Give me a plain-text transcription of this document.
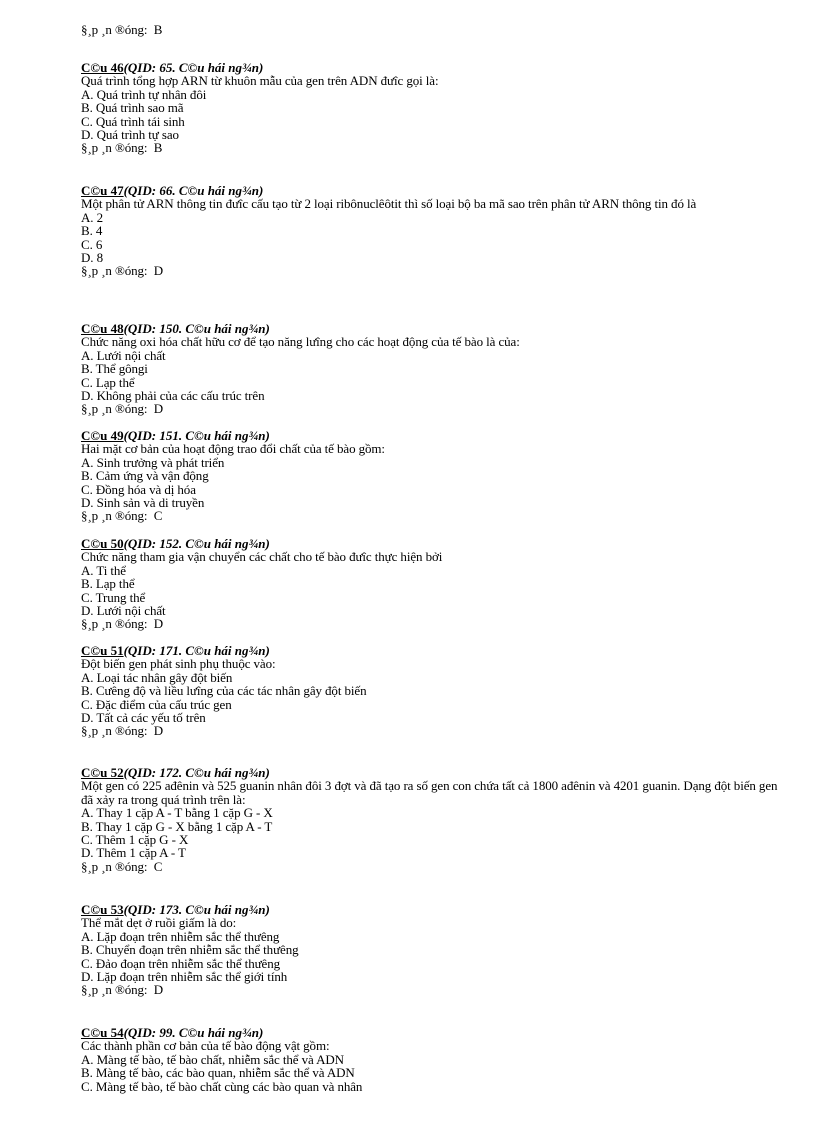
§¸p ¸n ®óng:  B
C©u 46(QID: 65. C©u hái ng¾n)
Quá trình tổng hợp ARN từ khuôn mẫu của gen trên ADN đưîc gọi là:
A. Quá trình tự nhân đôi
B. Quá trình sao mã
C. Quá trình tái sinh
D. Quá trình tự sao
§¸p ¸n ®óng:  B
C©u 47(QID: 66. C©u hái ng¾n)
Một phân tử ARN thông tin đưîc cấu tạo từ 2 loại ribônuclêôtit thì số loại bộ ba mã sao trên phân tử ARN thông tin đó là
A. 2
B. 4
C. 6
D. 8
§¸p ¸n ®óng:  D
C©u 48(QID: 150. C©u hái ng¾n)
Chức năng oxi hóa chất hữu cơ để tạo năng lưîng cho các hoạt động của tế bào là của:
A. Lưới nội chất
B. Thể gôngi
C. Lạp thể
D. Không phải của các cấu trúc trên
§¸p ¸n ®óng:  D
C©u 49(QID: 151. C©u hái ng¾n)
Hai mặt cơ bản của hoạt động trao đổi chất của tế bào gồm:
A. Sinh trưởng và phát triển
B. Cảm ứng và vận động
C. Đồng hóa và dị hóa
D. Sinh sản và di truyền
§¸p ¸n ®óng:  C
C©u 50(QID: 152. C©u hái ng¾n)
Chức năng tham gia vận chuyển các chất cho tế bào đưîc thực hiện bởi
A. Ti thể
B. Lạp thể
C. Trung thể
D. Lưới nội chất
§¸p ¸n ®óng:  D
C©u 51(QID: 171. C©u hái ng¾n)
Đột biến gen phát sinh phụ thuộc vào:
A. Loại tác nhân gây đột biến
B. Cưêng độ và liều lưîng của các tác nhân gây đột biến
C. Đặc điểm của cấu trúc gen
D. Tất cả các yếu tố trên
§¸p ¸n ®óng:  D
C©u 52(QID: 172. C©u hái ng¾n)
Một gen có 225 ađênin và 525 guanin nhân đôi 3 đợt và đã tạo ra số gen con chứa tất cả 1800 ađênin và 4201 guanin. Dạng đột biến gen đã xảy ra trong quá trình trên là:
A. Thay 1 cặp A - T bằng 1 cặp G - X
B. Thay 1 cặp G - X bằng 1 cặp A - T
C. Thêm 1 cặp G - X
D. Thêm 1 cặp A - T
§¸p ¸n ®óng:  C
C©u 53(QID: 173. C©u hái ng¾n)
Thể mắt dẹt ở ruồi giấm là do:
A. Lặp đoạn trên nhiễm sắc thể thưêng
B. Chuyển đoạn trên nhiễm sắc thể thưêng
C. Đảo đoạn trên nhiễm sắc thể thưêng
D. Lặp đoạn trên nhiễm sắc thể giới tính
§¸p ¸n ®óng:  D
C©u 54(QID: 99. C©u hái ng¾n)
Các thành phần cơ bản của tế bào động vật gồm:
A. Màng tế bào, tế bào chất, nhiễm sắc thể và ADN
B. Màng tế bào, các bào quan, nhiễm sắc thể và ADN
C. Màng tế bào, tế bào chất cùng các bào quan và nhân
